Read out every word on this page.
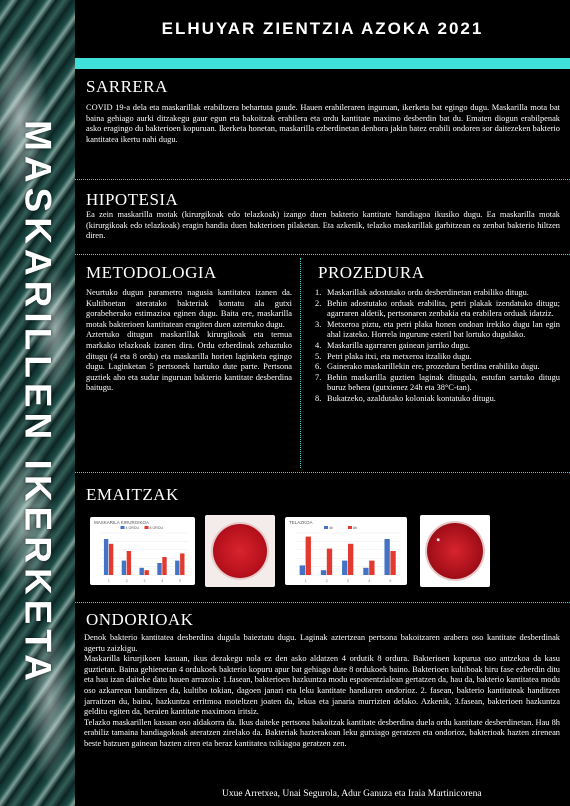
MASKARILLEN IKERKETA
ELHUYAR ZIENTZIA AZOKA 2021
SARRERA
COVID 19-a dela eta maskarillak erabiltzera behartuta gaude. Hauen erabileraren inguruan, ikerketa bat egingo dugu. Maskarilla mota bat baina gehiago aurki ditzakegu gaur egun eta bakoitzak erabilera eta ordu kantitate maximo desberdin bat du. Ematen diogun erabilpenak asko eragingo du bakterioen kopuruan. Ikerketa honetan, maskarilla ezberdinetan denbora jakin batez erabili ondoren sor daitezeken bakterio kantitatea ikertu nahi dugu.
HIPOTESIA
Ea zein maskarilla motak (kirurgikoak edo telazkoak) izango duen bakterio kantitate handiagoa ikusiko dugu. Ea maskarilla motak (kirurgikoak edo telazkoak) eragin handia duen bakterioen pilaketan. Eta azkenik, telazko maskarillak garbitzean ea zenbat bakterio hiltzen diren.
METODOLOGIA

Neurtuko dugun parametro nagusia kantitatea izanen da. Kultiboetan ateratako bakteriak kontatu ala gutxi gorabeherako estimazioa eginen dugu. Baita ere, maskarilla motak bakterioen kantitatean eragiten duen aztertuko dugu.

Aztertuko ditugun maskarillak kirurgikoak eta ternua markako telazkoak izanen dira. Ordu ezberdinak zehaztuko ditugu (4 eta 8 ordu) eta maskarilla horien laginketa egingo dugu. Laginketan 5 pertsonek hartuko dute parte. Pertsona guztiek aho eta sudur inguruan bakterio kantitate desberdina baitugu.

PROZEDURA
1. Maskarillak adostutako ordu desberdinetan erabiliko ditugu.
2. Behin adostutako orduak erabilita, petri plakak izendatuko ditugu; agarraren aldetik, pertsonaren zenbakia eta erabilera orduak idatziz.
3. Metxeroa piztu, eta petri plaka honen ondoan irekiko dugu lan egin ahal izateko. Horrela ingurune esteril bat lortuko dugulako.
4. Maskarilla agarraren gainean jarriko dugu.
5. Petri plaka itxi, eta metxeroa itzaliko dugu.
6. Gainerako maskarillekin ere, prozedura berdina erabiliko dugu.
7. Behin maskarilla guztien laginak ditugula, estufan sartuko ditugu buruz behera (gutxienez 24h eta 38°C-tan).
8. Bukatzeko, azaldutako koloniak kontatuko ditugu.
EMAITZAK
MASKARILA KIRURGIKOA
4 ORDU	8 ORDU
1	2	3	4	5
TELAZKOA
4h	8h
1	2	3	4	5
ONDORIOAK

Denok bakterio kantitatea desberdina dugula baieztatu dugu. Laginak aztertzean pertsona bakoitzaren arabera oso kantitate desberdinak agertu zaizkigu.

Maskarilla kirurjikoen kasuan, ikus dezakegu nola ez den asko aldatzen 4 ordutik 8 ordura. Bakterioen kopurua oso antzekoa da kasu guztietan. Baina gehienetan 4 ordukoek bakterio kopuru apur bat gehiago dute 8 ordukoek baino. Bakterioen kultiboak hiru fase ezberdin ditu eta hau izan daiteke datu hauen arrazoia: 1.fasean, bakterioen hazkuntza modu esponentzialean gertatzen da, hau da, bakterio kantitatea modu oso azkarrean handitzen da, kultibo tokian, dagoen janari eta leku kantitate handiaren ondorioz. 2. fasean, bakterio kantitateak handitzen jarraitzen du, baina, hazkuntza erritmoa moteltzen joaten da, lekua eta janaria murrizten delako. Azkenik, 3.fasean, bakterioen hazkuntza gelditu egiten da, beraien kantitate maximora iritsiz.

Telazko maskarillen kasuan oso aldakorra da. Ikus daiteke pertsona bakoitzak kantitate desberdina duela ordu kantitate desberdinetan. Hau 8h erabiliz tamaina handiagokoak ateratzen zirelako da. Bakteriak hazterakoan leku gutxiago geratzen eta ondorioz, bakterioak hazten zirenean beste batzuen gainean hazten ziren eta beraz kantitatea txikiagoa geratzen zen.

Uxue Arretxea, Unai Segurola, Adur Ganuza eta Iraia Martinicorena
